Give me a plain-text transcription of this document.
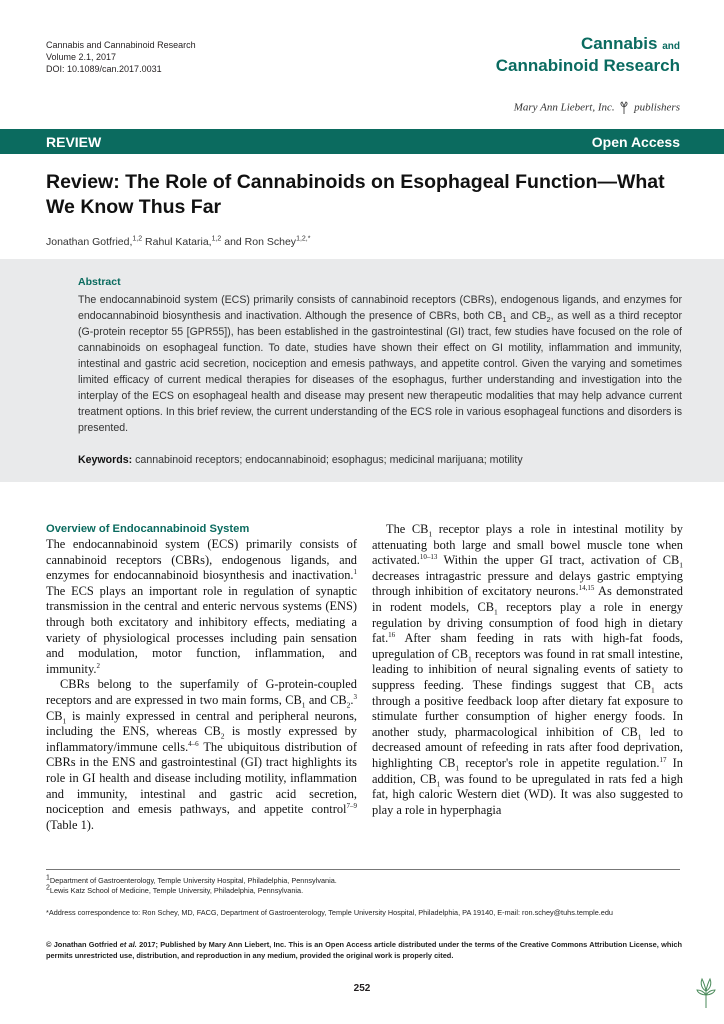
Cannabis and Cannabinoid Research
Volume 2.1, 2017
DOI: 10.1089/can.2017.0031
Cannabis and
Cannabinoid Research
Mary Ann Liebert, Inc. publishers
REVIEW	Open Access
Review: The Role of Cannabinoids on Esophageal Function—What We Know Thus Far
Jonathan Gotfried,$^{1,2}$ Rahul Kataria,$^{1,2}$ and Ron Schey$^{1,2,*}$
Abstract

The endocannabinoid system (ECS) primarily consists of cannabinoid receptors (CBRs), endogenous ligands, and enzymes for endocannabinoid biosynthesis and inactivation. Although the presence of CBRs, both $CB_1$ and $CB_2$, as well as a third receptor (G-protein receptor 55 [GPR55]), has been established in the gastrointestinal (GI) tract, few studies have focused on the role of cannabinoids on esophageal function. To date, studies have shown their effect on GI motility, inflammation and immunity, intestinal and gastric acid secretion, nociception and emesis pathways, and appetite control. Given the varying and sometimes limited efficacy of current medical therapies for diseases of the esophagus, further understanding and investigation into the interplay of the ECS on esophageal health and disease may present new therapeutic modalities that may help advance current treatment options. In this brief review, the current understanding of the ECS role in various esophageal functions and disorders is presented.

Keywords: cannabinoid receptors; endocannabinoid; esophagus; medicinal marijuana; motility
Overview of Endocannabinoid System

The endocannabinoid system (ECS) primarily consists of cannabinoid receptors (CBRs), endogenous ligands, and enzymes for endocannabinoid biosynthesis and inactivation.$^1$ The ECS plays an important role in regulation of synaptic transmission in the central and enteric nervous systems (ENS) through both excitatory and inhibitory effects, mediating a variety of physiological processes including pain sensation and modulation, motor function, inflammation, and immunity.$^2$

CBRs belong to the superfamily of G-protein-coupled receptors and are expressed in two main forms, $CB_1$ and $CB_2.^3$ $CB_1$ is mainly expressed in central and peripheral neurons, including the ENS, whereas $CB_2$ is mostly expressed by inflammatory/immune cells.$^{4-6}$ The ubiquitous distribution of CBRs in the ENS and gastrointestinal (GI) tract highlights its role in GI health and disease including motility, inflammation and immunity, intestinal and gastric acid secretion, nociception and emesis pathways, and appetite control$^{7-9}$ (Table 1).

The $CB_1$ receptor plays a role in intestinal motility by attenuating both large and small bowel muscle tone when activated.$^{10-13}$ Within the upper GI tract, activation of $CB_1$ decreases intragastric pressure and delays gastric emptying through inhibition of excitatory neurons.$^{14,15}$ As demonstrated in rodent models, $CB_1$ receptors play a role in energy regulation by driving consumption of food high in dietary fat.$^{16}$ After sham feeding in rats with high-fat foods, upregulation of $CB_1$ receptors was found in rat small intestine, leading to inhibition of neural signaling events of satiety to suppress feeding. These findings suggest that $CB_1$ acts through a positive feedback loop after dietary fat exposure to stimulate further consumption of higher energy foods. In another study, pharmacological inhibition of $CB_1$ led to decreased amount of refeeding in rats after food deprivation, highlighting $CB_1$ receptor's role in appetite regulation.$^{17}$ In addition, $CB_1$ was found to be upregulated in rats fed a high fat, high caloric Western diet (WD). It was also suggested to play a role in hyperphagia

$^1$Department of Gastroenterology, Temple University Hospital, Philadelphia, Pennsylvania.
$^2$Lewis Katz School of Medicine, Temple University, Philadelphia, Pennsylvania.
*Address correspondence to: Ron Schey, MD, FACG, Department of Gastroenterology, Temple University Hospital, Philadelphia, PA 19140, E-mail: ron.schey@tuhs.temple.edu
© Jonathan Gotfried et al. 2017; Published by Mary Ann Liebert, Inc. This is an Open Access article distributed under the terms of the Creative Commons Attribution License, which permits unrestricted use, distribution, and reproduction in any medium, provided the original work is properly cited.
252
